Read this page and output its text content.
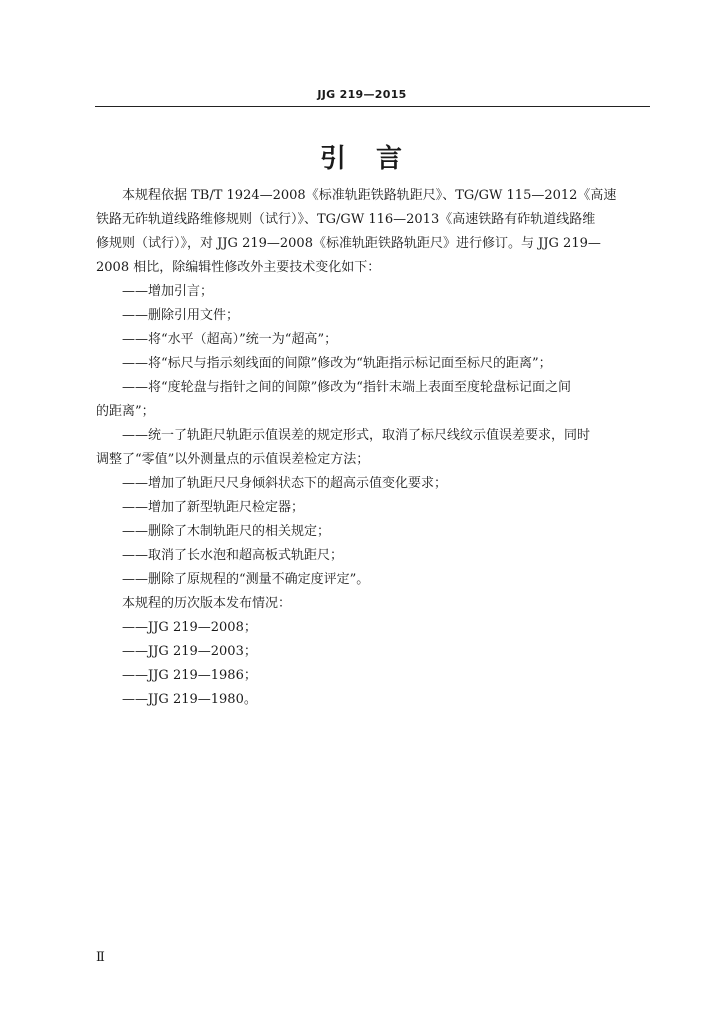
JJG 219—2015
引　言

本规程依据 TB/T 1924—2008《标准轨距铁路轨距尺》、TG/GW 115—2012《高速

铁路无砟轨道线路维修规则（试行）》、TG/GW 116—2013《高速铁路有砟轨道线路维

修规则（试行）》，对 JJG 219—2008《标准轨距铁路轨距尺》进行修订。与 JJG 219—

2008 相比，除编辑性修改外主要技术变化如下：

——增加引言；

——删除引用文件；

——将“水平（超高）”统一为“超高”；

——将“标尺与指示刻线面的间隙”修改为“轨距指示标记面至标尺的距离”；

——将“度轮盘与指针之间的间隙”修改为“指针末端上表面至度轮盘标记面之间

的距离”；

——统一了轨距尺轨距示值误差的规定形式，取消了标尺线纹示值误差要求，同时

调整了“零值”以外测量点的示值误差检定方法；

——增加了轨距尺尺身倾斜状态下的超高示值变化要求；

——增加了新型轨距尺检定器；

——删除了木制轨距尺的相关规定；

——取消了长水泡和超高板式轨距尺；

——删除了原规程的“测量不确定度评定”。

本规程的历次版本发布情况：

——JJG 219—2008；

——JJG 219—2003；

——JJG 219—1986；

——JJG 219—1980。

Ⅱ
